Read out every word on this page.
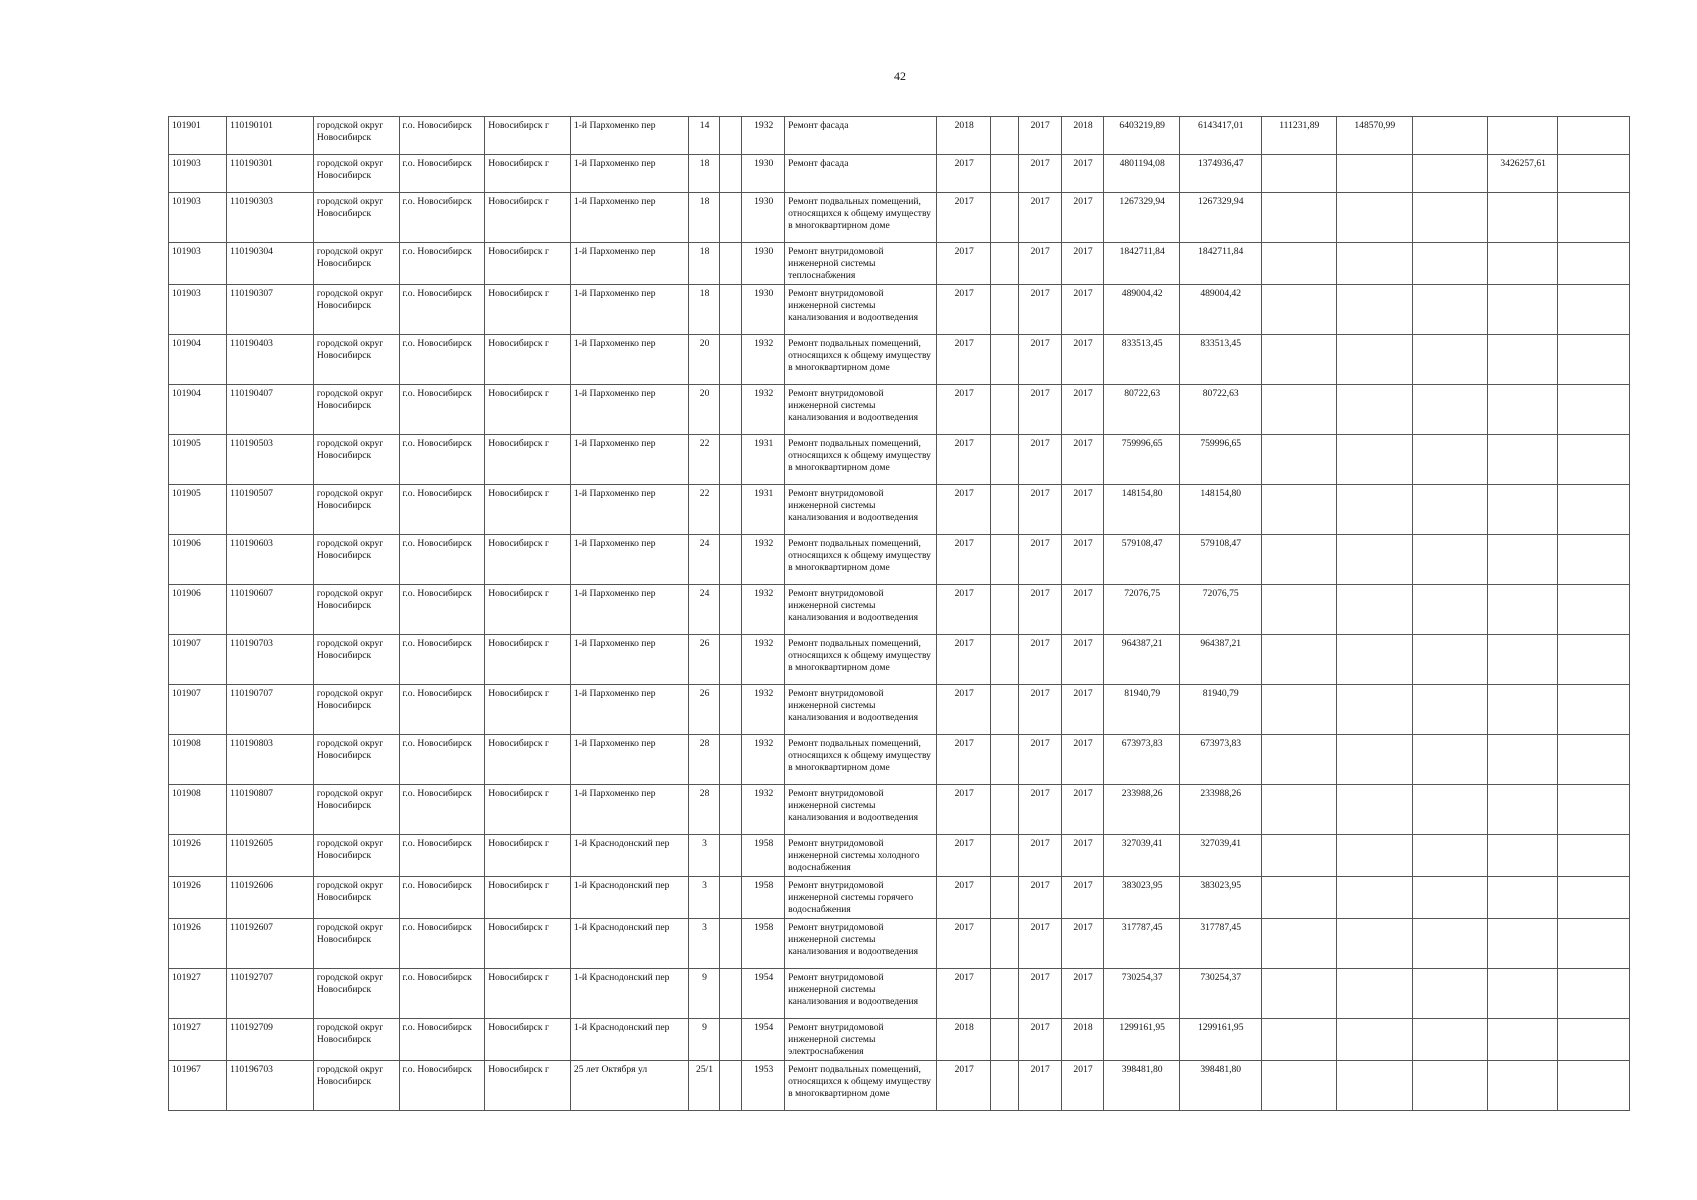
42
101901	110190101	городской округ Новосибирск	г.о. Новосибирск	Новосибирск г	1-й Пархоменко пер	14		1932	Ремонт фасада	2018		2017	2018	6403219,89	6143417,01	111231,89	148570,99			
101903	110190301	городской округ Новосибирск	г.о. Новосибирск	Новосибирск г	1-й Пархоменко пер	18		1930	Ремонт фасада	2017		2017	2017	4801194,08	1374936,47				3426257,61	
101903	110190303	городской округ Новосибирск	г.о. Новосибирск	Новосибирск г	1-й Пархоменко пер	18		1930	Ремонт подвальных помещений, относящихся к общему имуществу в многоквартирном доме	2017		2017	2017	1267329,94	1267329,94					
101903	110190304	городской округ Новосибирск	г.о. Новосибирск	Новосибирск г	1-й Пархоменко пер	18		1930	Ремонт внутридомовой инженерной системы теплоснабжения	2017		2017	2017	1842711,84	1842711,84					
101903	110190307	городской округ Новосибирск	г.о. Новосибирск	Новосибирск г	1-й Пархоменко пер	18		1930	Ремонт внутридомовой инженерной системы канализования и водоотведения	2017		2017	2017	489004,42	489004,42					
101904	110190403	городской округ Новосибирск	г.о. Новосибирск	Новосибирск г	1-й Пархоменко пер	20		1932	Ремонт подвальных помещений, относящихся к общему имуществу в многоквартирном доме	2017		2017	2017	833513,45	833513,45					
101904	110190407	городской округ Новосибирск	г.о. Новосибирск	Новосибирск г	1-й Пархоменко пер	20		1932	Ремонт внутридомовой инженерной системы канализования и водоотведения	2017		2017	2017	80722,63	80722,63					
101905	110190503	городской округ Новосибирск	г.о. Новосибирск	Новосибирск г	1-й Пархоменко пер	22		1931	Ремонт подвальных помещений, относящихся к общему имуществу в многоквартирном доме	2017		2017	2017	759996,65	759996,65					
101905	110190507	городской округ Новосибирск	г.о. Новосибирск	Новосибирск г	1-й Пархоменко пер	22		1931	Ремонт внутридомовой инженерной системы канализования и водоотведения	2017		2017	2017	148154,80	148154,80					
101906	110190603	городской округ Новосибирск	г.о. Новосибирск	Новосибирск г	1-й Пархоменко пер	24		1932	Ремонт подвальных помещений, относящихся к общему имуществу в многоквартирном доме	2017		2017	2017	579108,47	579108,47					
101906	110190607	городской округ Новосибирск	г.о. Новосибирск	Новосибирск г	1-й Пархоменко пер	24		1932	Ремонт внутридомовой инженерной системы канализования и водоотведения	2017		2017	2017	72076,75	72076,75					
101907	110190703	городской округ Новосибирск	г.о. Новосибирск	Новосибирск г	1-й Пархоменко пер	26		1932	Ремонт подвальных помещений, относящихся к общему имуществу в многоквартирном доме	2017		2017	2017	964387,21	964387,21					
101907	110190707	городской округ Новосибирск	г.о. Новосибирск	Новосибирск г	1-й Пархоменко пер	26		1932	Ремонт внутридомовой инженерной системы канализования и водоотведения	2017		2017	2017	81940,79	81940,79					
101908	110190803	городской округ Новосибирск	г.о. Новосибирск	Новосибирск г	1-й Пархоменко пер	28		1932	Ремонт подвальных помещений, относящихся к общему имуществу в многоквартирном доме	2017		2017	2017	673973,83	673973,83					
101908	110190807	городской округ Новосибирск	г.о. Новосибирск	Новосибирск г	1-й Пархоменко пер	28		1932	Ремонт внутридомовой инженерной системы канализования и водоотведения	2017		2017	2017	233988,26	233988,26					
101926	110192605	городской округ Новосибирск	г.о. Новосибирск	Новосибирск г	1-й Краснодонский пер	3		1958	Ремонт внутридомовой инженерной системы холодного водоснабжения	2017		2017	2017	327039,41	327039,41					
101926	110192606	городской округ Новосибирск	г.о. Новосибирск	Новосибирск г	1-й Краснодонский пер	3		1958	Ремонт внутридомовой инженерной системы горячего водоснабжения	2017		2017	2017	383023,95	383023,95					
101926	110192607	городской округ Новосибирск	г.о. Новосибирск	Новосибирск г	1-й Краснодонский пер	3		1958	Ремонт внутридомовой инженерной системы канализования и водоотведения	2017		2017	2017	317787,45	317787,45					
101927	110192707	городской округ Новосибирск	г.о. Новосибирск	Новосибирск г	1-й Краснодонский пер	9		1954	Ремонт внутридомовой инженерной системы канализования и водоотведения	2017		2017	2017	730254,37	730254,37					
101927	110192709	городской округ Новосибирск	г.о. Новосибирск	Новосибирск г	1-й Краснодонский пер	9		1954	Ремонт внутридомовой инженерной системы электроснабжения	2018		2017	2018	1299161,95	1299161,95					
101967	110196703	городской округ Новосибирск	г.о. Новосибирск	Новосибирск г	25 лет Октября ул	25/1		1953	Ремонт подвальных помещений, относящихся к общему имуществу в многоквартирном доме	2017		2017	2017	398481,80	398481,80					
